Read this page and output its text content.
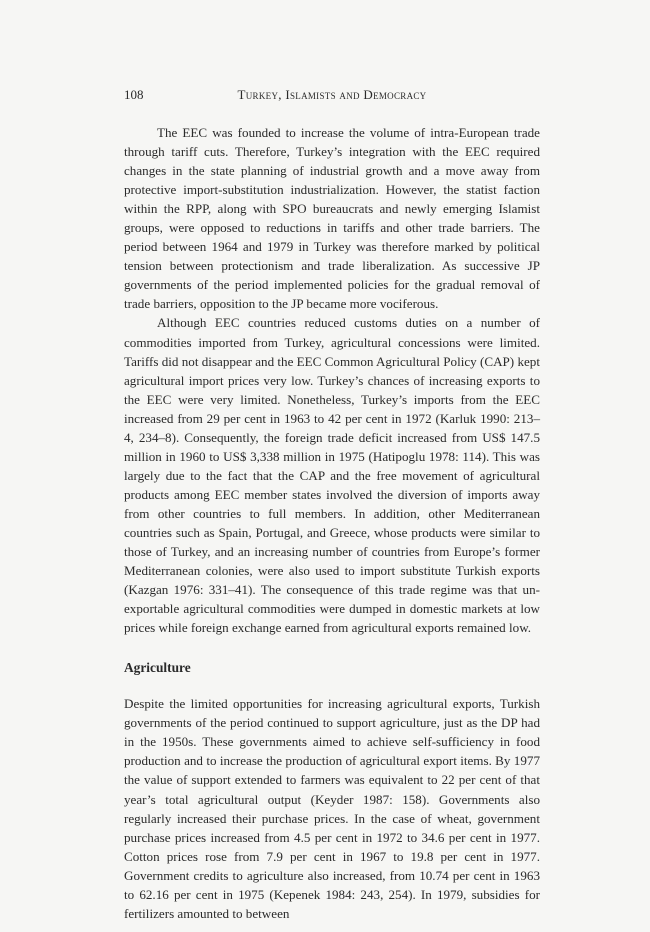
108	Turkey, Islamists and Democracy

The EEC was founded to increase the volume of intra-European trade through tariff cuts. Therefore, Turkey’s integration with the EEC required changes in the state planning of industrial growth and a move away from protective import-substitution industrialization. However, the statist faction within the RPP, along with SPO bureaucrats and newly emerging Islamist groups, were opposed to reductions in tariffs and other trade barriers. The period between 1964 and 1979 in Turkey was therefore marked by political tension between protectionism and trade liberalization. As successive JP governments of the period implemented policies for the gradual removal of trade barriers, opposition to the JP became more vociferous.

Although EEC countries reduced customs duties on a number of commodities imported from Turkey, agricultural concessions were limited. Tariffs did not disappear and the EEC Common Agricultural Policy (CAP) kept agricultural import prices very low. Turkey’s chances of increasing exports to the EEC were very limited. Nonetheless, Turkey’s imports from the EEC increased from 29 per cent in 1963 to 42 per cent in 1972 (Karluk 1990: 213–4, 234–8). Consequently, the foreign trade deficit increased from US$ 147.5 million in 1960 to US$ 3,338 million in 1975 (Hatipoglu 1978: 114). This was largely due to the fact that the CAP and the free movement of agricultural products among EEC member states involved the diversion of imports away from other countries to full members. In addition, other Mediterranean countries such as Spain, Portugal, and Greece, whose products were similar to those of Turkey, and an increasing number of countries from Europe’s former Mediterranean colonies, were also used to import substitute Turkish exports (Kazgan 1976: 331–41). The consequence of this trade regime was that un-exportable agricultural commodities were dumped in domestic markets at low prices while foreign exchange earned from agricultural exports remained low.

Agriculture

Despite the limited opportunities for increasing agricultural exports, Turkish governments of the period continued to support agriculture, just as the DP had in the 1950s. These governments aimed to achieve self-sufficiency in food production and to increase the production of agricultural export items. By 1977 the value of support extended to farmers was equivalent to 22 per cent of that year’s total agricultural output (Keyder 1987: 158). Governments also regularly increased their purchase prices. In the case of wheat, government purchase prices increased from 4.5 per cent in 1972 to 34.6 per cent in 1977. Cotton prices rose from 7.9 per cent in 1967 to 19.8 per cent in 1977. Government credits to agriculture also increased, from 10.74 per cent in 1963 to 62.16 per cent in 1975 (Kepenek 1984: 243, 254). In 1979, subsidies for fertilizers amounted to between
